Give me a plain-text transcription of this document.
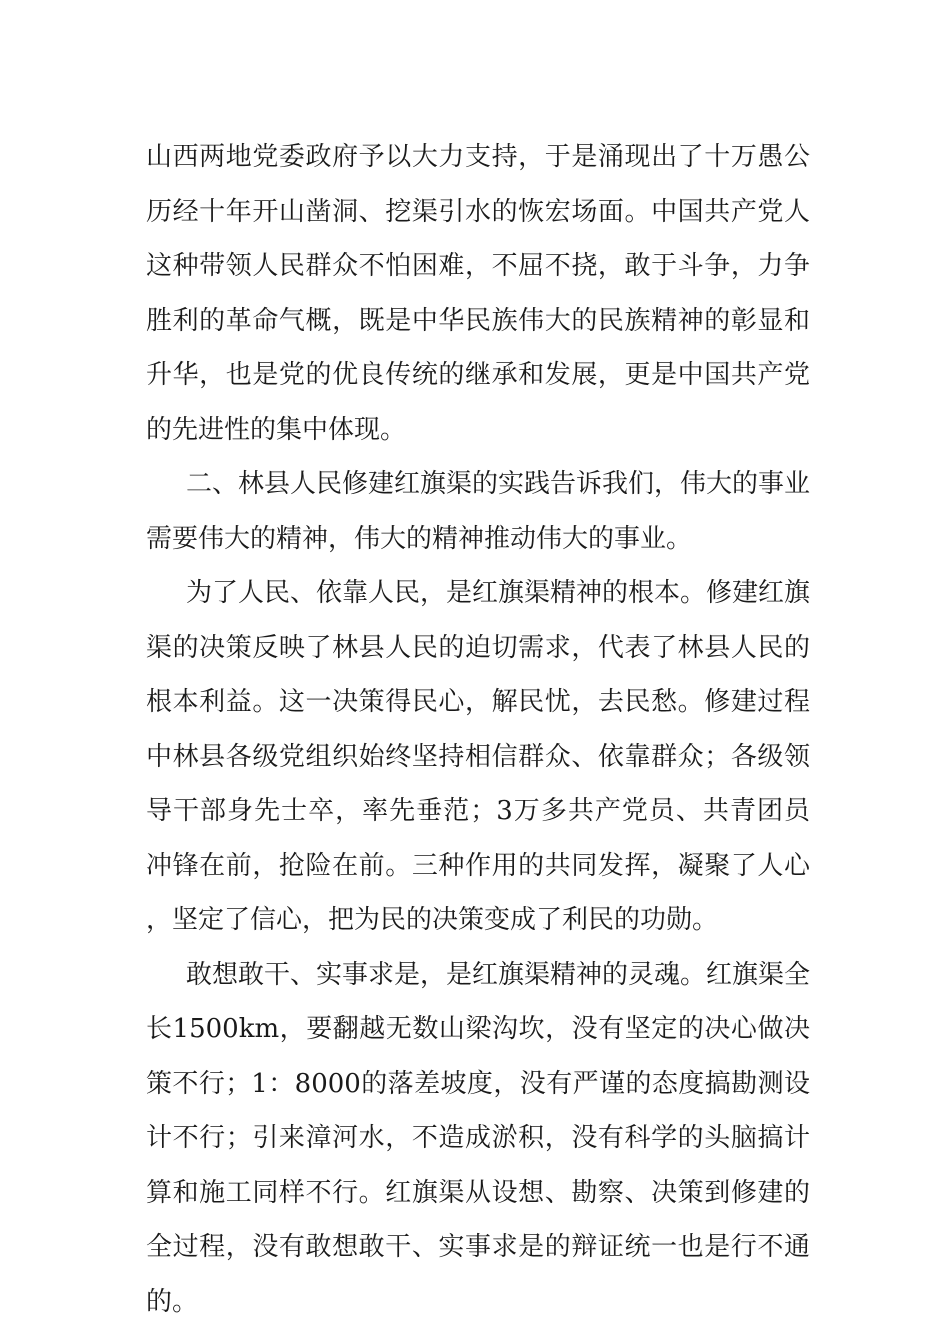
山西两地党委政府予以大力支持，于是涌现出了十万愚公历经十年开山凿洞、挖渠引水的恢宏场面。中国共产党人这种带领人民群众不怕困难，不屈不挠，敢于斗争，力争胜利的革命气概，既是中华民族伟大的民族精神的彰显和升华，也是党的优良传统的继承和发展，更是中国共产党的先进性的集中体现。

二、林县人民修建红旗渠的实践告诉我们，伟大的事业需要伟大的精神，伟大的精神推动伟大的事业。

为了人民、依靠人民，是红旗渠精神的根本。修建红旗渠的决策反映了林县人民的迫切需求，代表了林县人民的根本利益。这一决策得民心，解民忧，去民愁。修建过程中林县各级党组织始终坚持相信群众、依靠群众；各级领导干部身先士卒，率先垂范；3万多共产党员、共青团员冲锋在前，抢险在前。三种作用的共同发挥，凝聚了人心，坚定了信心，把为民的决策变成了利民的功勋。

敢想敢干、实事求是，是红旗渠精神的灵魂。红旗渠全长1500km，要翻越无数山梁沟坎，没有坚定的决心做决策不行；1：8000的落差坡度，没有严谨的态度搞勘测设计不行；引来漳河水，不造成淤积，没有科学的头脑搞计算和施工同样不行。红旗渠从设想、勘察、决策到修建的全过程，没有敢想敢干、实事求是的辩证统一也是行不通的。
